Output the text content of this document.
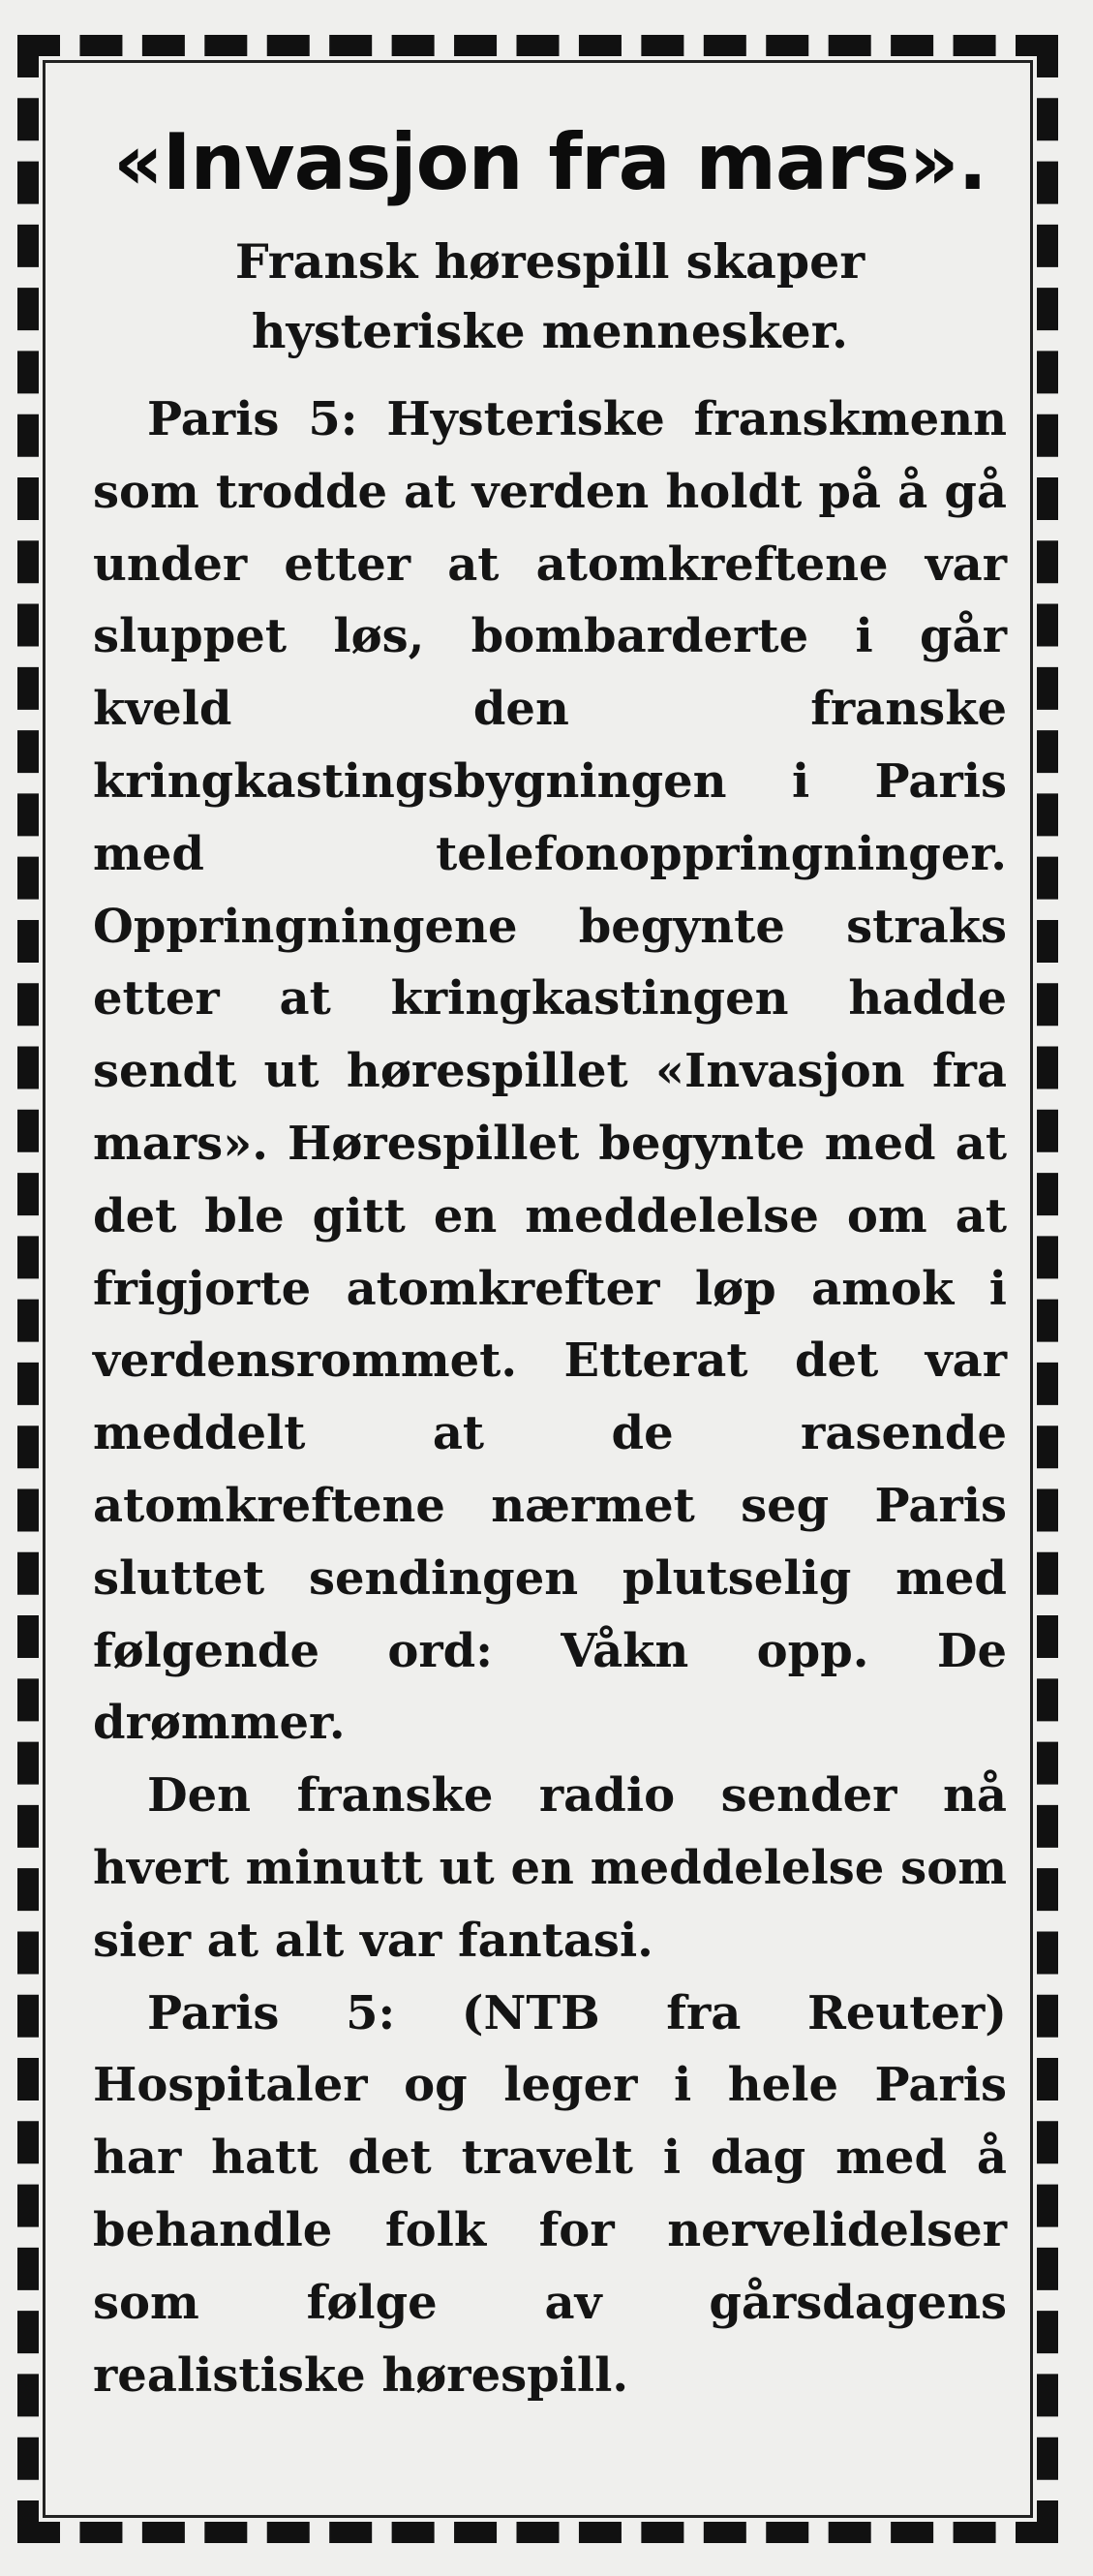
«Invasjon fra mars».
Fransk hørespill skaper hysteriske mennesker.

Paris 5: Hysteriske franskmenn som trodde at verden holdt på å gå under etter at atomkreftene var sluppet løs, bombarderte i går kveld den franske kringkastingsbygningen i Paris med telefonoppringninger. Oppringningene begynte straks etter at kringkastingen hadde sendt ut hørespillet «Invasjon fra mars». Hørespillet begynte med at det ble gitt en meddelelse om at frigjorte atomkrefter løp amok i verdensrommet. Etterat det var meddelt at de rasende atomkreftene nærmet seg Paris sluttet sendingen plutselig med følgende ord: Våkn opp. De drømmer.

Den franske radio sender nå hvert minutt ut en meddelelse som sier at alt var fantasi.

Paris 5: (NTB fra Reuter) Hospitaler og leger i hele Paris har hatt det travelt i dag med å behandle folk for nervelidelser som følge av gårsdagens realistiske hørespill.
